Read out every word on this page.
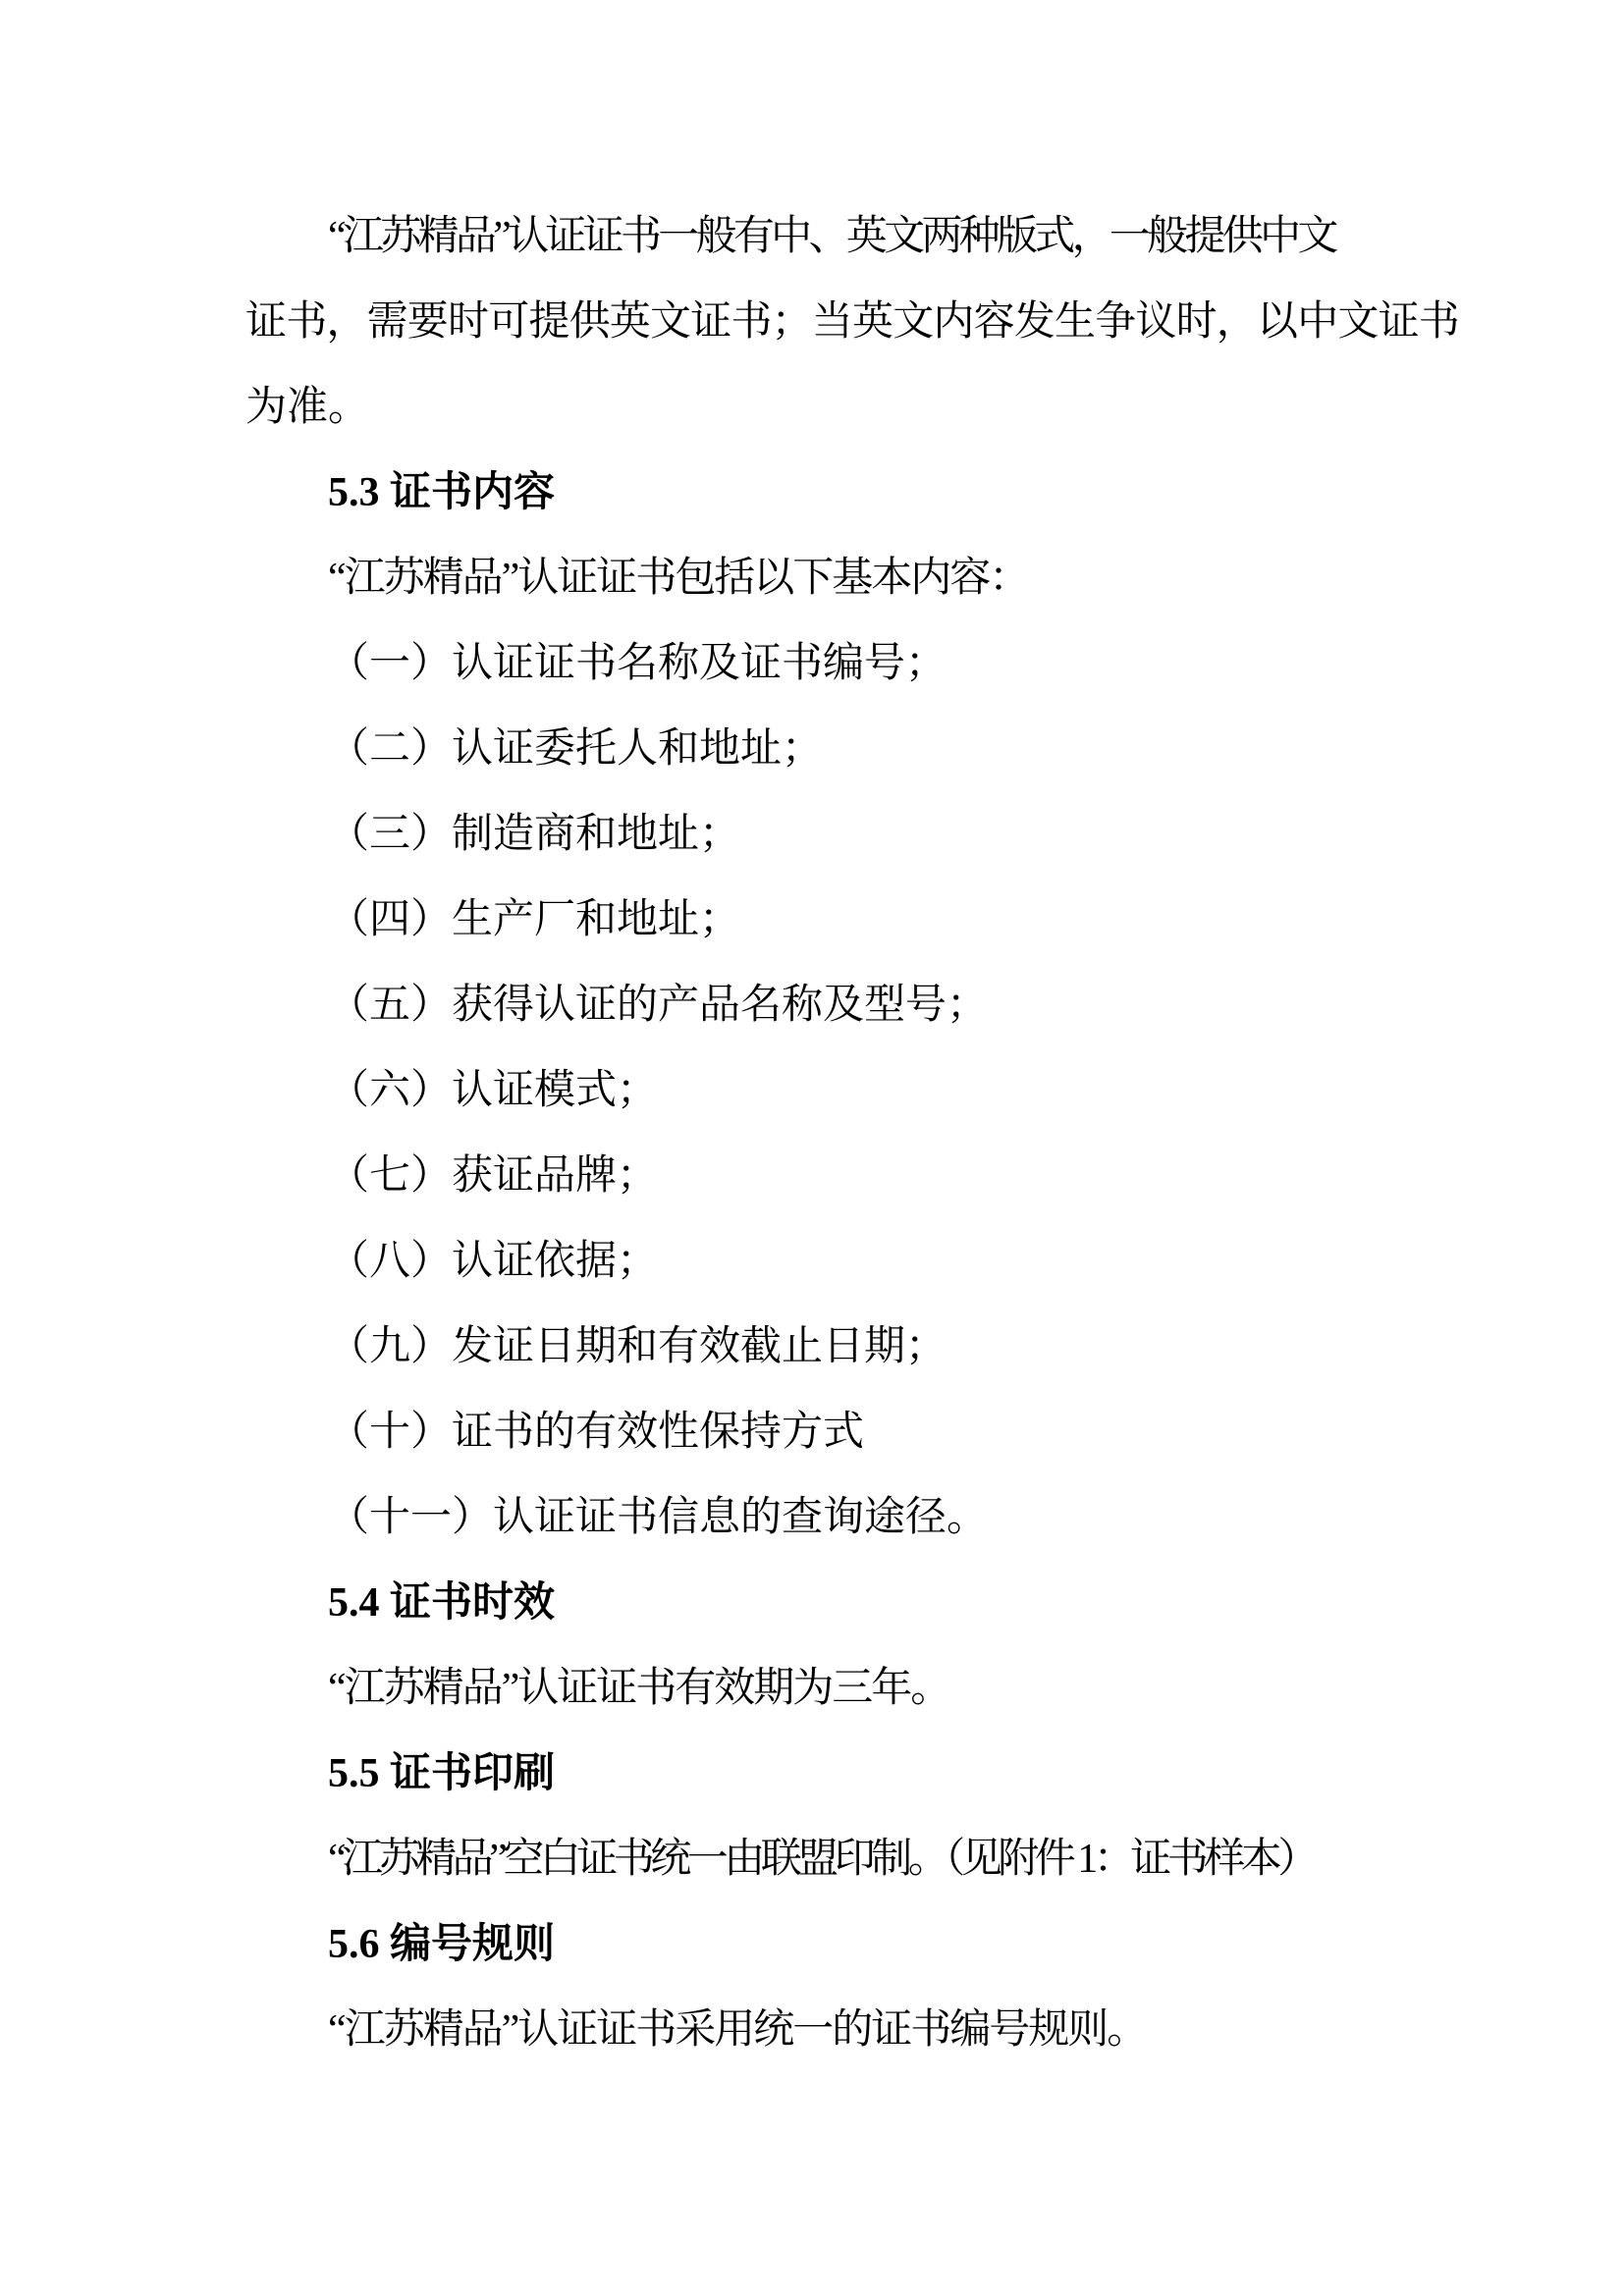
“江苏精品”认证证书一般有中、英文两种版式，一般提供中文
证书，需要时可提供英文证书；当英文内容发生争议时，以中文证书
为准。
5.3 证书内容
“江苏精品”认证证书包括以下基本内容：
（一）认证证书名称及证书编号；
（二）认证委托人和地址；
（三）制造商和地址；
（四）生产厂和地址；
（五）获得认证的产品名称及型号；
（六）认证模式；
（七）获证品牌；
（八）认证依据；
（九）发证日期和有效截止日期；
（十）证书的有效性保持方式
（十一）认证证书信息的查询途径。
5.4 证书时效
“江苏精品”认证证书有效期为三年。
5.5 证书印刷
“江苏精品”空白证书统一由联盟印制。（见附件 1：证书样本）
5.6 编号规则
“江苏精品”认证证书采用统一的证书编号规则。
